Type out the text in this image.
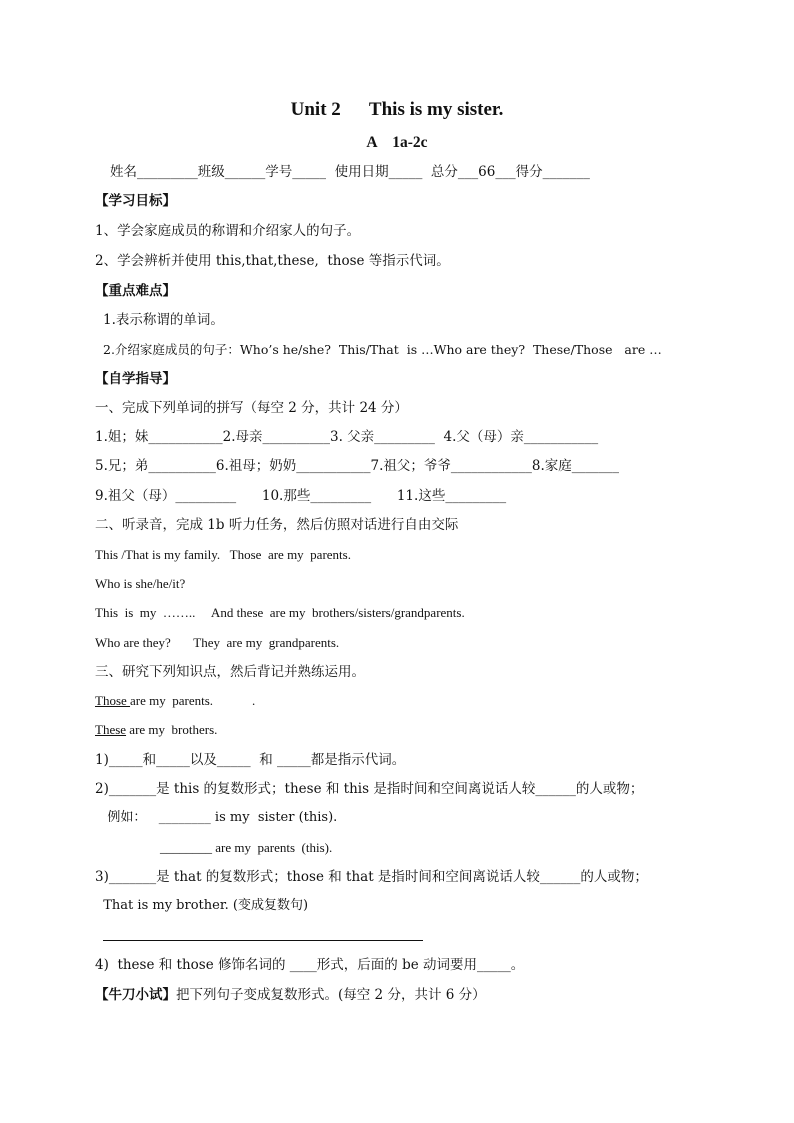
Unit 2      This is my sister.
A    1a-2c
姓名_________班级______学号_____  使用日期_____  总分___66___得分_______
【学习目标】
1、学会家庭成员的称谓和介绍家人的句子。
2、学会辨析并使用 this,that,these,  those 等指示代词。
【重点难点】
1.表示称谓的单词。
2.介绍家庭成员的句子：Who’s he/she?  This/That  is …Who are they?  These/Those   are …
【自学指导】
一、完成下列单词的拼写（每空 2 分，共计 24 分）
1.姐；妹___________2.母亲__________3. 父亲_________  4.父（母）亲___________
5.兄；弟__________6.祖母；奶奶___________7.祖父；爷爷____________8.家庭_______
9.祖父（母）_________      10.那些_________      11.这些_________
二、听录音，完成 1b 听力任务，然后仿照对话进行自由交际
This /That is my family.   Those  are my  parents.
Who is she/he/it?
This  is  my  ……..     And these  are my  brothers/sisters/grandparents.
Who are they?       They  are my  grandparents.
三、研究下列知识点，然后背记并熟练运用。
Those are my  parents.            .
These are my  brothers.
1)_____和_____以及_____  和 _____都是指示代词。
2)_______是 this 的复数形式；these 和 this 是指时间和空间离说话人较______的人或物；
例如：   ________ is my  sister (this).
________ are my  parents  (this).
3)_______是 that 的复数形式；those 和 that 是指时间和空间离说话人较______的人或物；
That is my brother. (变成复数句)
4)  these 和 those 修饰名词的 ____形式，后面的 be 动词要用_____。
【牛刀小试】把下列句子变成复数形式。(每空 2 分，共计 6 分）
